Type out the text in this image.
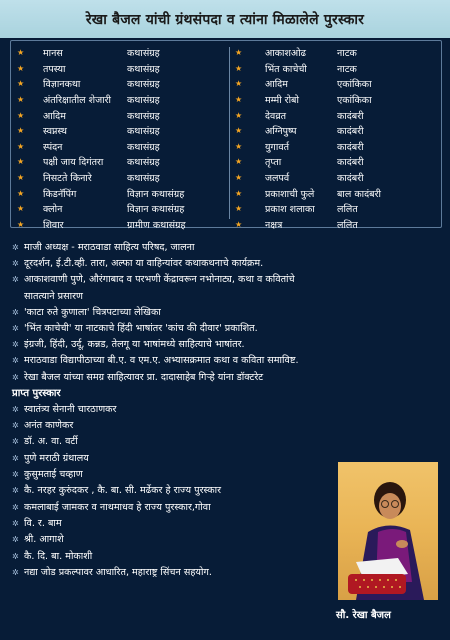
रेखा बैजल यांची ग्रंथसंपदा व त्यांना मिळालेले पुरस्कार
★	मानस	कथासंग्रह
★	तपस्या	कथासंग्रह
★	विज्ञानकथा	कथासंग्रह
★	अंतरिक्षातील शेजारी	कथासंग्रह
★	आदिम	कथासंग्रह
★	स्वप्नस्थ	कथासंग्रह
★	स्पंदन	कथासंग्रह
★	पक्षी जाय दिगंतरा	कथासंग्रह
★	निसटते किनारे	कथासंग्रह
★	किडनॅपिंग	विज्ञान कथासंग्रह
★	क्लोन	विज्ञान कथासंग्रह
★	शिवार	ग्रामीण कथासंग्रह
★	आकाशओढ	नाटक
★	भिंत काचेची	नाटक
★	आदिम	एकांकिका
★	मम्मी रोबो	एकांकिका
★	देवव्रत	कादंबरी
★	अग्निपुष्प	कादंबरी
★	युगावर्त	कादंबरी
★	तृप्ता	कादंबरी
★	जलपर्व	कादंबरी
★	प्रकाशाची फुले	बाल कादंबरी
★	प्रकाश शलाका	ललित
★	नक्षत्र	ललित
✲ माजी अध्यक्ष - मराठवाडा साहित्य परिषद, जालना
✲ दूरदर्शन, ई.टी.व्ही. तारा, अल्फा या वाहिन्यांवर कथाकथनाचे कार्यक्रम.
✲ आकाशवाणी पुणे, औरंगाबाद व परभणी केंद्रावरून नभोनाट्य, कथा व कवितांचे
सातत्याने प्रसारण
✲ 'काटा रुते कुणाला' चित्रपटाच्या लेखिका
✲ 'भिंत काचेची' या नाटकाचे हिंदी भाषांतर 'कांच की दीवार' प्रकाशित.
✲ इंग्रजी, हिंदी, उर्दू, कन्नड, तेलगू या भाषांमध्ये साहित्याचे भाषांतर.
✲ मराठवाडा विद्यापीठाच्या बी.ए. व एम.ए. अभ्यासक्रमात कथा व कविता समाविष्ट.
✲ रेखा बैजल यांच्या समग्र साहित्यावर प्रा. दादासाहेब गिऱ्हे यांना डॉक्टरेट
प्राप्त पुरस्कार
✲ स्वातंत्र्य सेनानी चारठाणकर
✲ अनंत काणेकर
✲ डॉ. अ. वा. वर्टी
✲ पुणे मराठी ग्रंथालय
✲ कुसुमताई चव्हाण
✲ कै. नरहर कुरुंदकर , कै. बा. सी. मर्ढेकर हे राज्य पुरस्कार
✲ कमलाबाई जामकर व नाथमाधव हे राज्य पुरस्कार,गोवा
✲ वि. र. बाम
✲ श्री. आगाशे
✲ कै. दि. बा. मोकाशी
✲ नद्या जोड प्रकल्पावर आधारित, महाराष्ट्र सिंचन सहयोग.
सौ. रेखा बैजल
